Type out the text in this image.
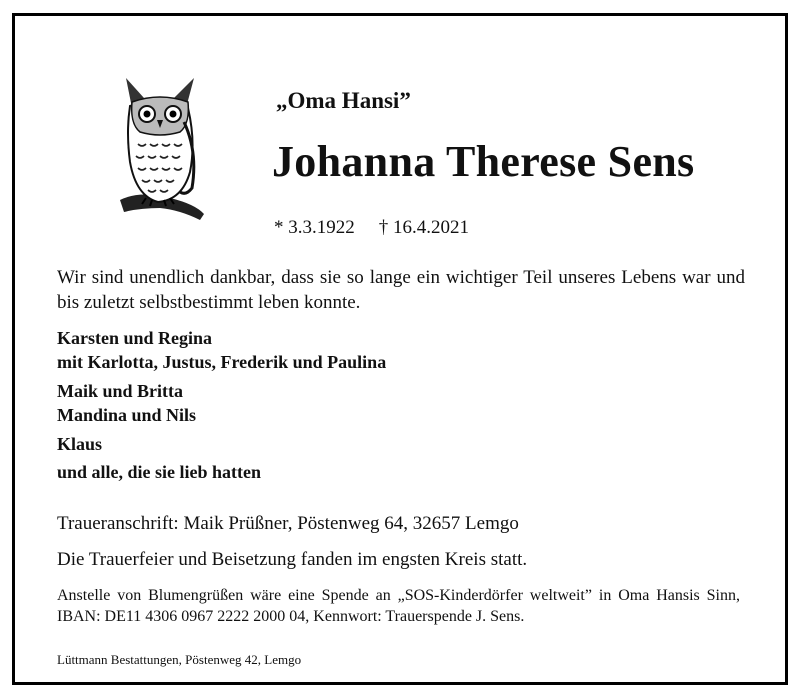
„Oma Hansi”
Johanna Therese Sens
* 3.3.1922 † 16.4.2021
Wir sind unendlich dankbar, dass sie so lange ein wichtiger Teil unseres Lebens war und bis zuletzt selbstbestimmt leben konnte.
Karsten und Regina
mit Karlotta, Justus, Frederik und Paulina
Maik und Britta
Mandina und Nils
Klaus
und alle, die sie lieb hatten
Traueranschrift: Maik Prüßner, Pöstenweg 64, 32657 Lemgo
Die Trauerfeier und Beisetzung fanden im engsten Kreis statt.
Anstelle von Blumengrüßen wäre eine Spende an „SOS-Kinderdörfer weltweit” in Oma Hansis Sinn, IBAN: DE11 4306 0967 2222 2000 04, Kennwort: Trauerspende J. Sens.
Lüttmann Bestattungen, Pöstenweg 42, Lemgo
